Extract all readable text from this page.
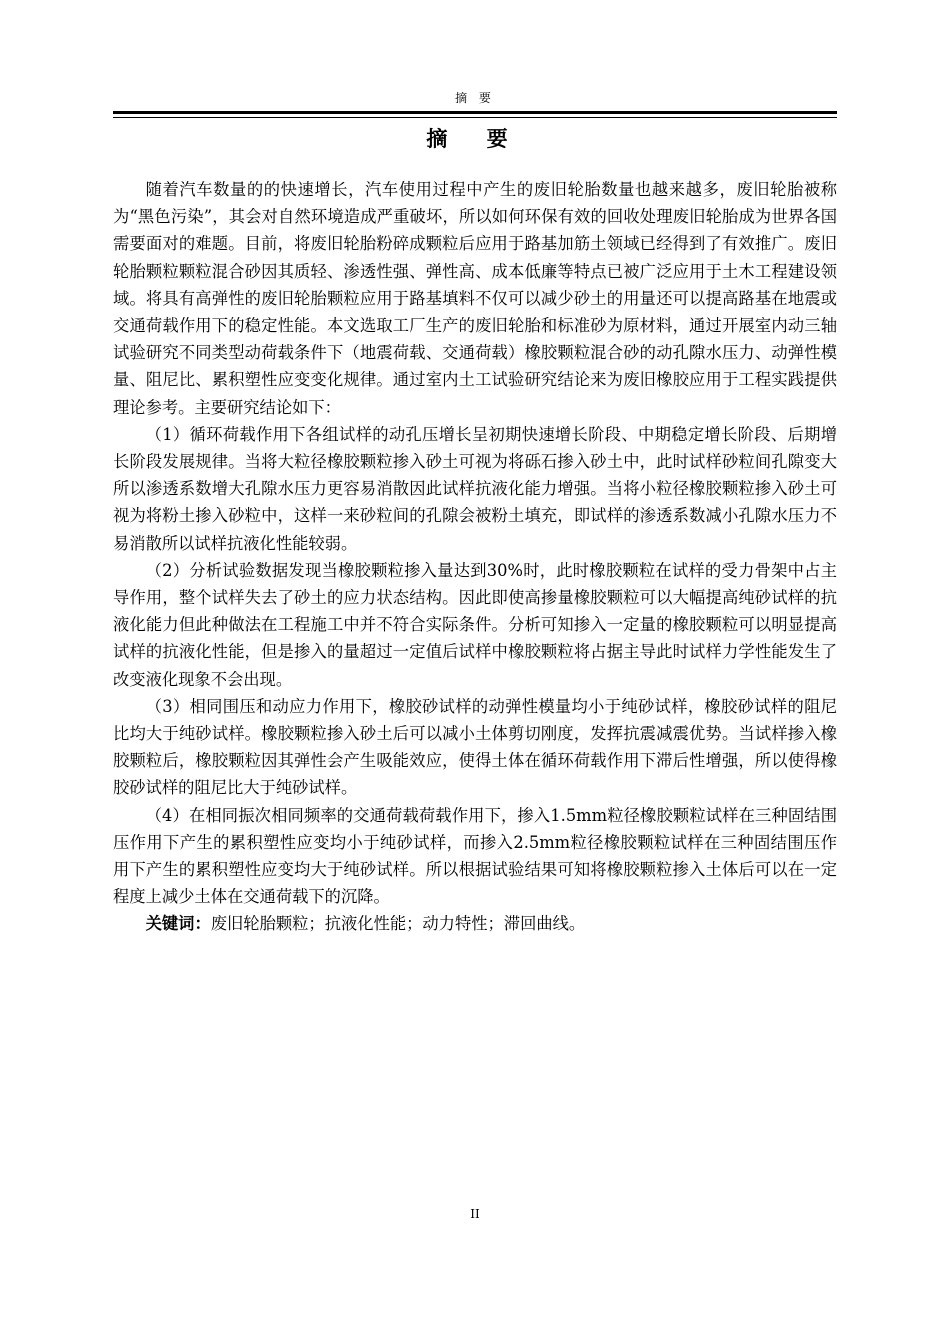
摘 要
摘 要

随着汽车数量的的快速增长，汽车使用过程中产生的废旧轮胎数量也越来越多，废旧轮胎被称为“黑色污染”，其会对自然环境造成严重破坏，所以如何环保有效的回收处理废旧轮胎成为世界各国需要面对的难题。目前，将废旧轮胎粉碎成颗粒后应用于路基加筋土领域已经得到了有效推广。废旧轮胎颗粒颗粒混合砂因其质轻、渗透性强、弹性高、成本低廉等特点已被广泛应用于土木工程建设领域。将具有高弹性的废旧轮胎颗粒应用于路基填料不仅可以减少砂土的用量还可以提高路基在地震或交通荷载作用下的稳定性能。本文选取工厂生产的废旧轮胎和标准砂为原材料，通过开展室内动三轴试验研究不同类型动荷载条件下（地震荷载、交通荷载）橡胶颗粒混合砂的动孔隙水压力、动弹性模量、阻尼比、累积塑性应变变化规律。通过室内土工试验研究结论来为废旧橡胶应用于工程实践提供理论参考。主要研究结论如下：

（1）循环荷载作用下各组试样的动孔压增长呈初期快速增长阶段、中期稳定增长阶段、后期增长阶段发展规律。当将大粒径橡胶颗粒掺入砂土可视为将砾石掺入砂土中，此时试样砂粒间孔隙变大所以渗透系数增大孔隙水压力更容易消散因此试样抗液化能力增强。当将小粒径橡胶颗粒掺入砂土可视为将粉土掺入砂粒中，这样一来砂粒间的孔隙会被粉土填充，即试样的渗透系数减小孔隙水压力不易消散所以试样抗液化性能较弱。

（2）分析试验数据发现当橡胶颗粒掺入量达到30%时，此时橡胶颗粒在试样的受力骨架中占主导作用，整个试样失去了砂土的应力状态结构。因此即使高掺量橡胶颗粒可以大幅提高纯砂试样的抗液化能力但此种做法在工程施工中并不符合实际条件。分析可知掺入一定量的橡胶颗粒可以明显提高试样的抗液化性能，但是掺入的量超过一定值后试样中橡胶颗粒将占据主导此时试样力学性能发生了改变液化现象不会出现。

（3）相同围压和动应力作用下，橡胶砂试样的动弹性模量均小于纯砂试样，橡胶砂试样的阻尼比均大于纯砂试样。橡胶颗粒掺入砂土后可以减小土体剪切刚度，发挥抗震减震优势。当试样掺入橡胶颗粒后，橡胶颗粒因其弹性会产生吸能效应，使得土体在循环荷载作用下滞后性增强，所以使得橡胶砂试样的阻尼比大于纯砂试样。

（4）在相同振次相同频率的交通荷载荷载作用下，掺入1.5mm粒径橡胶颗粒试样在三种固结围压作用下产生的累积塑性应变均小于纯砂试样，而掺入2.5mm粒径橡胶颗粒试样在三种固结围压作用下产生的累积塑性应变均大于纯砂试样。所以根据试验结果可知将橡胶颗粒掺入土体后可以在一定程度上减少土体在交通荷载下的沉降。

关键词：废旧轮胎颗粒；抗液化性能；动力特性；滞回曲线。

II
